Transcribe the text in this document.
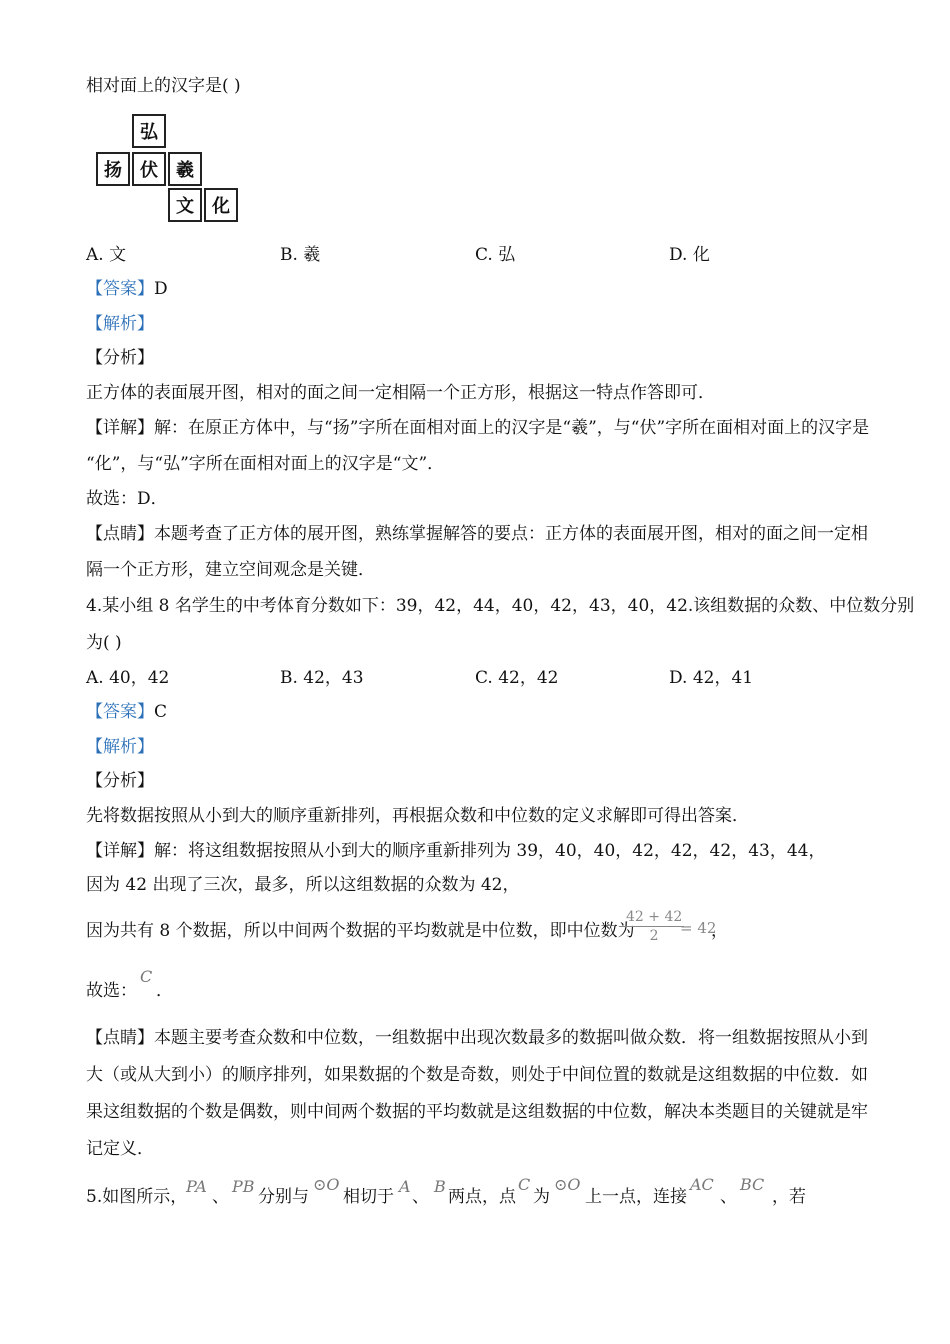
相对面上的汉字是( )
弘
扬	伏	羲
文	化
A. 文	B. 羲	C. 弘	D. 化
【答案】D
【解析】
【分析】
正方体的表面展开图，相对的面之间一定相隔一个正方形，根据这一特点作答即可．
【详解】解：在原正方体中，与“扬”字所在面相对面上的汉字是“羲”，与“伏”字所在面相对面上的汉字是
“化”，与“弘”字所在面相对面上的汉字是“文”．
故选：D．
【点睛】本题考查了正方体的展开图，熟练掌握解答的要点：正方体的表面展开图，相对的面之间一定相
隔一个正方形，建立空间观念是关键．
4.某小组 8 名学生的中考体育分数如下：39，42，44，40，42，43，40，42.该组数据的众数、中位数分别
为( )
A. 40，42	B. 42，43	C. 42，42	D. 42，41
【答案】C
【解析】
【分析】
先将数据按照从小到大的顺序重新排列，再根据众数和中位数的定义求解即可得出答案．
【详解】解：将这组数据按照从小到大的顺序重新排列为 39，40，40，42，42，42，43，44，
因为 42 出现了三次，最多，所以这组数据的众数为 42，
因为共有 8 个数据，所以中间两个数据的平均数就是中位数，即中位数为
$\frac{42 + 42}{2}$
= 42
，
故选：
C
．
【点睛】本题主要考查众数和中位数，一组数据中出现次数最多的数据叫做众数．将一组数据按照从小到
大（或从大到小）的顺序排列，如果数据的个数是奇数，则处于中间位置的数就是这组数据的中位数．如
果这组数据的个数是偶数，则中间两个数据的平均数就是这组数据的中位数，解决本类题目的关键就是牢
记定义．
5.如图所示，
PA
、
PB
分别与
⊙O
相切于
A
、
B
两点，点
C
为
⊙O
上一点，连接
AC
、
BC
，若
